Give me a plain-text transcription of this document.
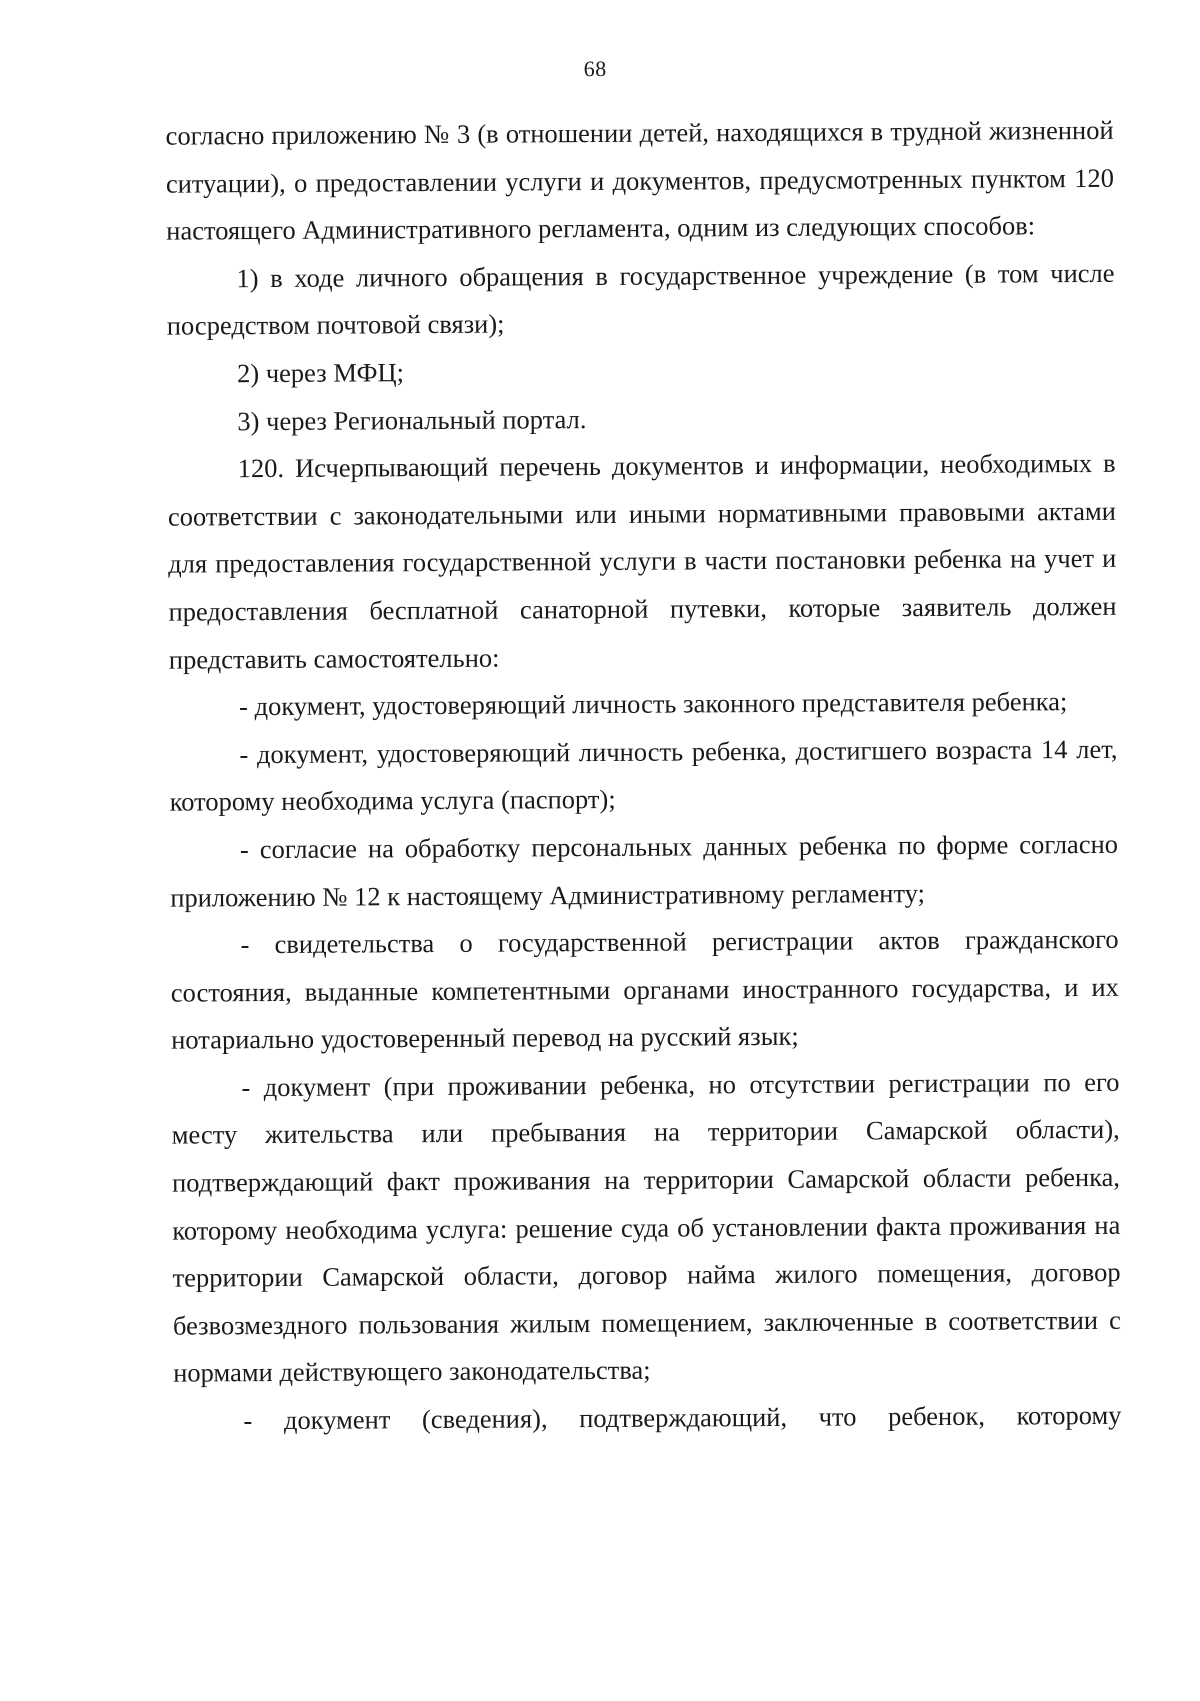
68

согласно приложению № 3 (в отношении детей, находящихся в трудной жизненной ситуации), о предоставлении услуги и документов, предусмотренных пунктом 120 настоящего Административного регламента, одним из следующих способов:

1) в ходе личного обращения в государственное учреждение (в том числе посредством почтовой связи);

2) через МФЦ;

3) через Региональный портал.

120. Исчерпывающий перечень документов и информации, необходимых в соответствии с законодательными или иными нормативными правовыми актами для предоставления государственной услуги в части постановки ребенка на учет и предоставления бесплатной санаторной путевки, которые заявитель должен представить самостоятельно:

- документ, удостоверяющий личность законного представителя ребенка;

- документ, удостоверяющий личность ребенка, достигшего возраста 14 лет, которому необходима услуга (паспорт);

- согласие на обработку персональных данных ребенка по форме согласно приложению № 12 к настоящему Административному регламенту;

- свидетельства о государственной регистрации актов гражданского состояния, выданные компетентными органами иностранного государства, и их нотариально удостоверенный перевод на русский язык;

- документ (при проживании ребенка, но отсутствии регистрации по его месту жительства или пребывания на территории Самарской области), подтверждающий факт проживания на территории Самарской области ребенка, которому необходима услуга: решение суда об установлении факта проживания на территории Самарской области, договор найма жилого помещения, договор безвозмездного пользования жилым помещением, заключенные в соответствии с нормами действующего законодательства;

- документ (сведения), подтверждающий, что ребенок, которому
